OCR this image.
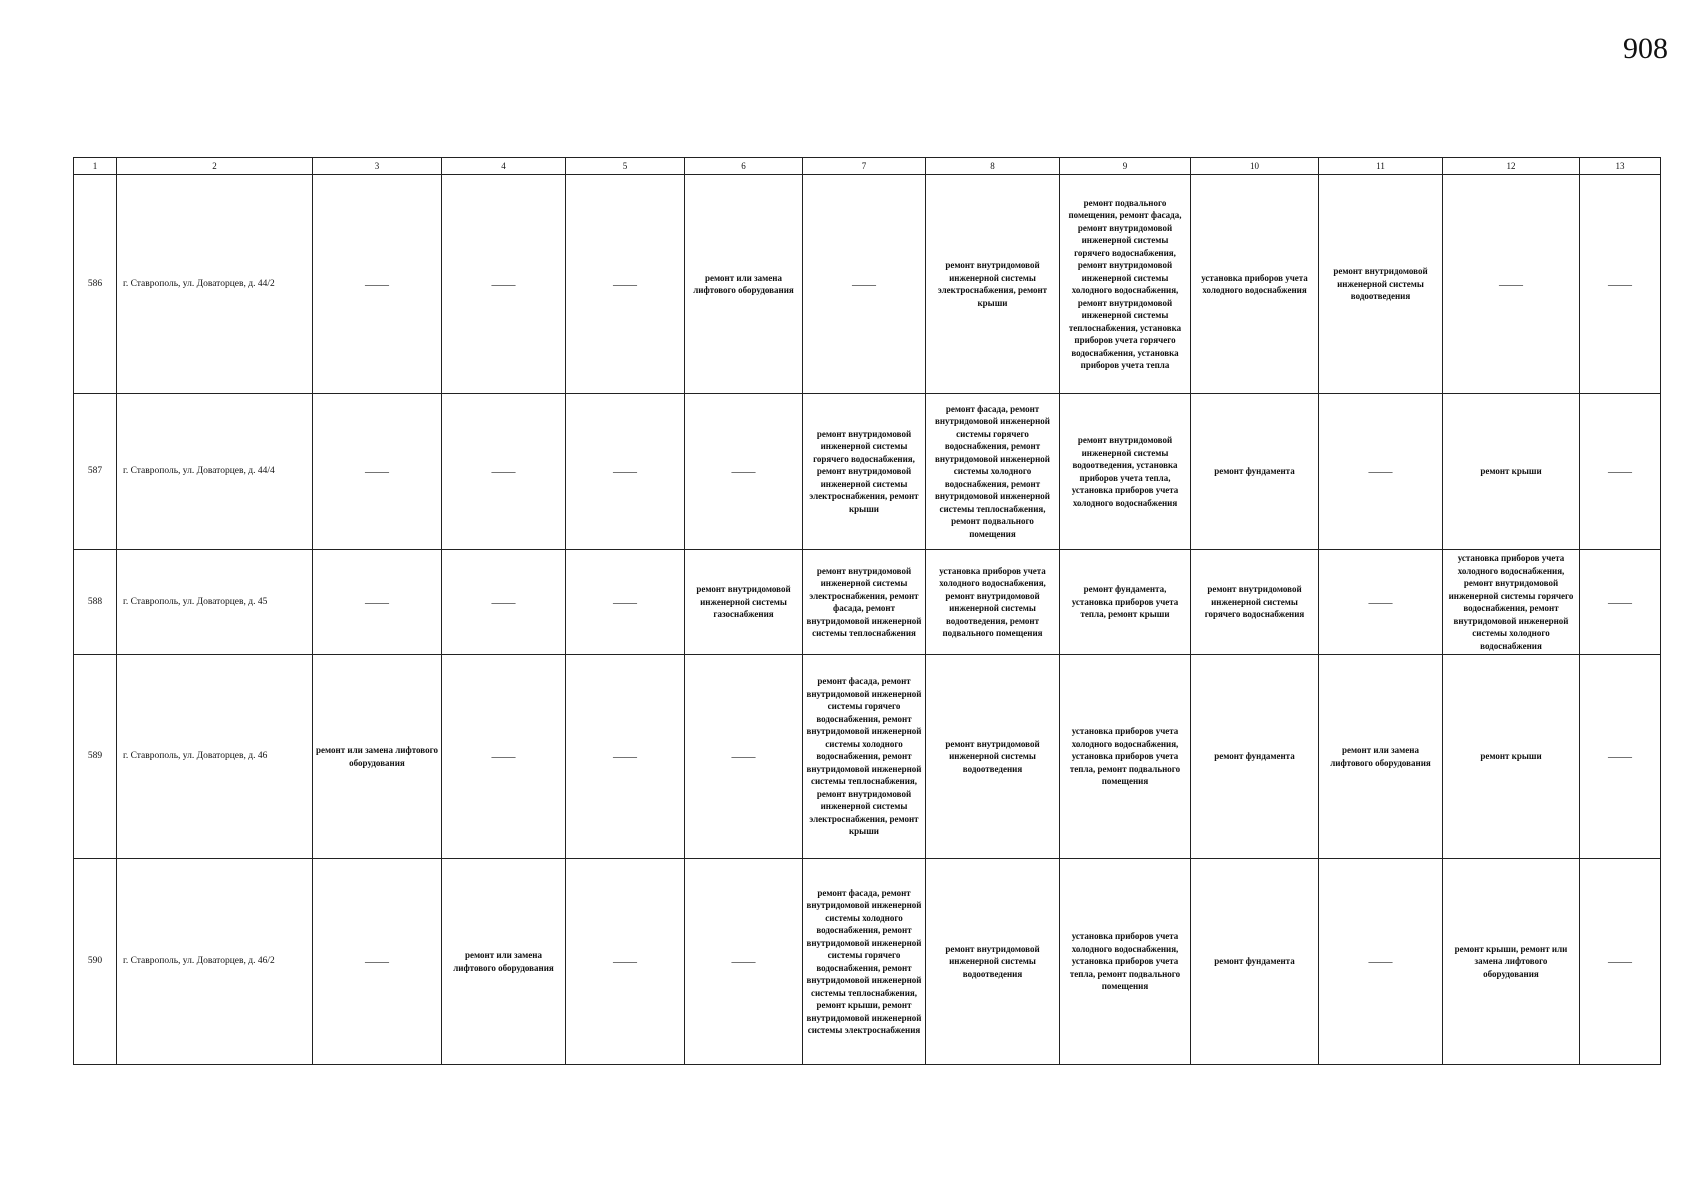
908
1	2	3	4	5	6	7	8	9	10	11	12	13
586	г. Ставрополь, ул. Доваторцев, д. 44/2	——	——	——	ремонт или замена лифтового оборудования	——	ремонт внутридомовой инженерной системы электроснабжения, ремонт крыши	ремонт подвального помещения, ремонт фасада, ремонт внутридомовой инженерной системы горячего водоснабжения, ремонт внутридомовой инженерной системы холодного водоснабжения, ремонт внутридомовой инженерной системы теплоснабжения, установка приборов учета горячего водоснабжения, установка приборов учета тепла	установка приборов учета холодного водоснабжения	ремонт внутридомовой инженерной системы водоотведения	——	——
587	г. Ставрополь, ул. Доваторцев, д. 44/4	——	——	——	——	ремонт внутридомовой инженерной системы горячего водоснабжения, ремонт внутридомовой инженерной системы электроснабжения, ремонт крыши	ремонт фасада, ремонт внутридомовой инженерной системы горячего водоснабжения, ремонт внутридомовой инженерной системы холодного водоснабжения, ремонт внутридомовой инженерной системы теплоснабжения, ремонт подвального помещения	ремонт внутридомовой инженерной системы водоотведения, установка приборов учета тепла, установка приборов учета холодного водоснабжения	ремонт фундамента	——	ремонт крыши	——
588	г. Ставрополь, ул. Доваторцев, д. 45	——	——	——	ремонт внутридомовой инженерной системы газоснабжения	ремонт внутридомовой инженерной системы электроснабжения, ремонт фасада, ремонт внутридомовой инженерной системы теплоснабжения	установка приборов учета холодного водоснабжения, ремонт внутридомовой инженерной системы водоотведения, ремонт подвального помещения	ремонт фундамента, установка приборов учета тепла, ремонт крыши	ремонт внутридомовой инженерной системы горячего водоснабжения	——	установка приборов учета холодного водоснабжения, ремонт внутридомовой инженерной системы горячего водоснабжения, ремонт внутридомовой инженерной системы холодного водоснабжения	——
589	г. Ставрополь, ул. Доваторцев, д. 46	ремонт или замена лифтового оборудования	——	——	——	ремонт фасада, ремонт внутридомовой инженерной системы горячего водоснабжения, ремонт внутридомовой инженерной системы холодного водоснабжения, ремонт внутридомовой инженерной системы теплоснабжения, ремонт внутридомовой инженерной системы электроснабжения, ремонт крыши	ремонт внутридомовой инженерной системы водоотведения	установка приборов учета холодного водоснабжения, установка приборов учета тепла, ремонт подвального помещения	ремонт фундамента	ремонт или замена лифтового оборудования	ремонт крыши	——
590	г. Ставрополь, ул. Доваторцев, д. 46/2	——	ремонт или замена лифтового оборудования	——	——	ремонт фасада, ремонт внутридомовой инженерной системы холодного водоснабжения, ремонт внутридомовой инженерной системы горячего водоснабжения, ремонт внутридомовой инженерной системы теплоснабжения, ремонт крыши, ремонт внутридомовой инженерной системы электроснабжения	ремонт внутридомовой инженерной системы водоотведения	установка приборов учета холодного водоснабжения, установка приборов учета тепла, ремонт подвального помещения	ремонт фундамента	——	ремонт крыши, ремонт или замена лифтового оборудования	——
